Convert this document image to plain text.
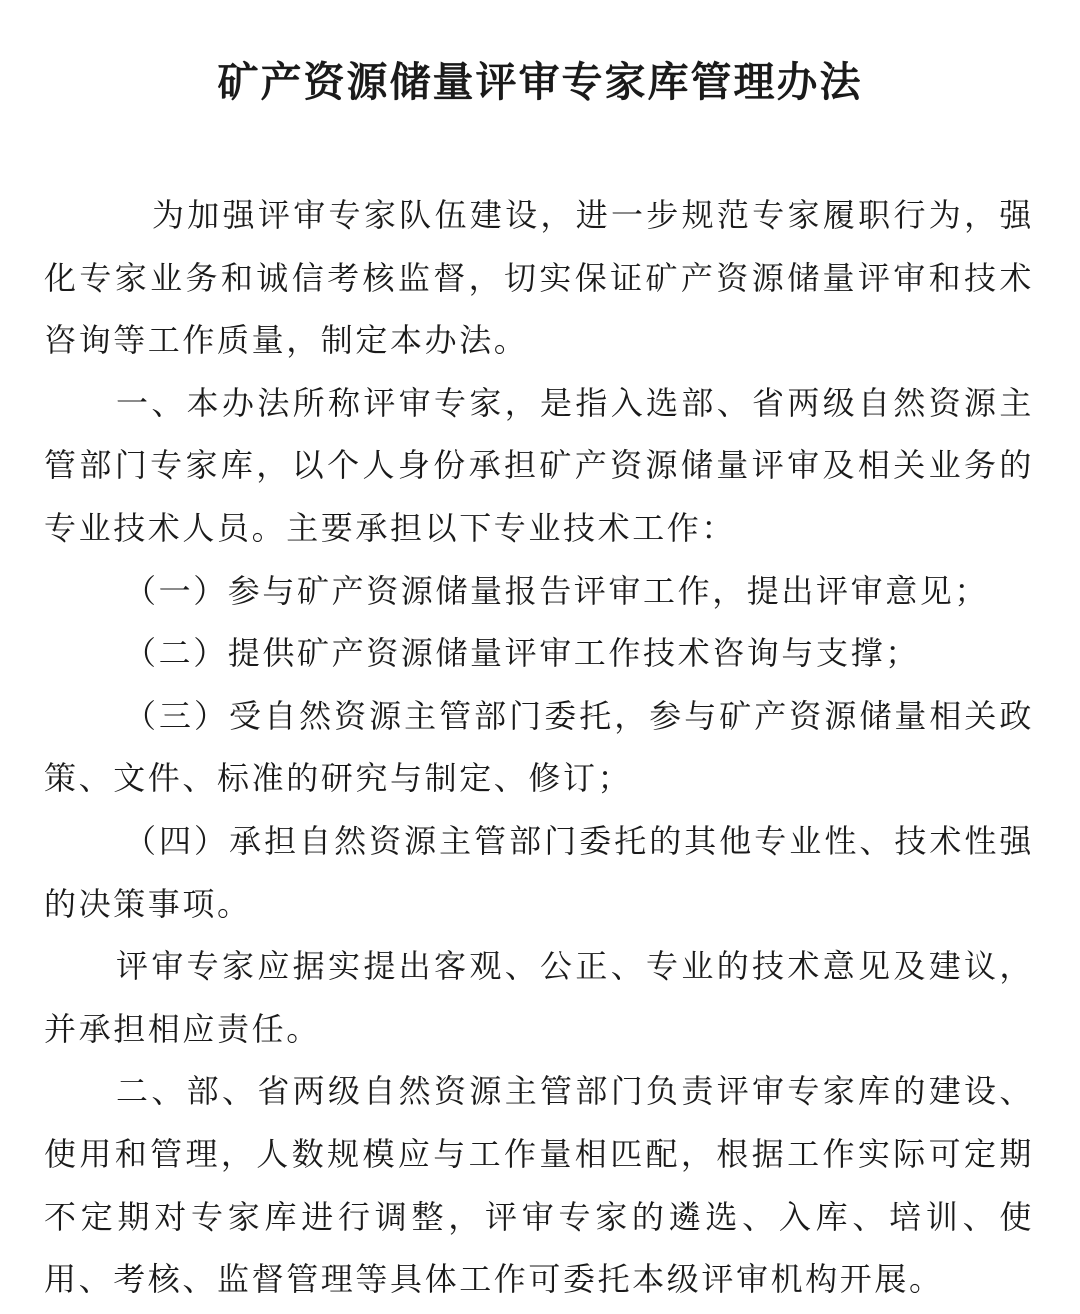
矿产资源储量评审专家库管理办法

为加强评审专家队伍建设，进一步规范专家履职行为，强化专家业务和诚信考核监督，切实保证矿产资源储量评审和技术咨询等工作质量，制定本办法。

一、本办法所称评审专家，是指入选部、省两级自然资源主管部门专家库，以个人身份承担矿产资源储量评审及相关业务的专业技术人员。主要承担以下专业技术工作：

（一）参与矿产资源储量报告评审工作，提出评审意见；

（二）提供矿产资源储量评审工作技术咨询与支撑；

（三）受自然资源主管部门委托，参与矿产资源储量相关政策、文件、标准的研究与制定、修订；

（四）承担自然资源主管部门委托的其他专业性、技术性强的决策事项。

评审专家应据实提出客观、公正、专业的技术意见及建议，并承担相应责任。

二、部、省两级自然资源主管部门负责评审专家库的建设、使用和管理，人数规模应与工作量相匹配，根据工作实际可定期不定期对专家库进行调整，评审专家的遴选、入库、培训、使用、考核、监督管理等具体工作可委托本级评审机构开展。
